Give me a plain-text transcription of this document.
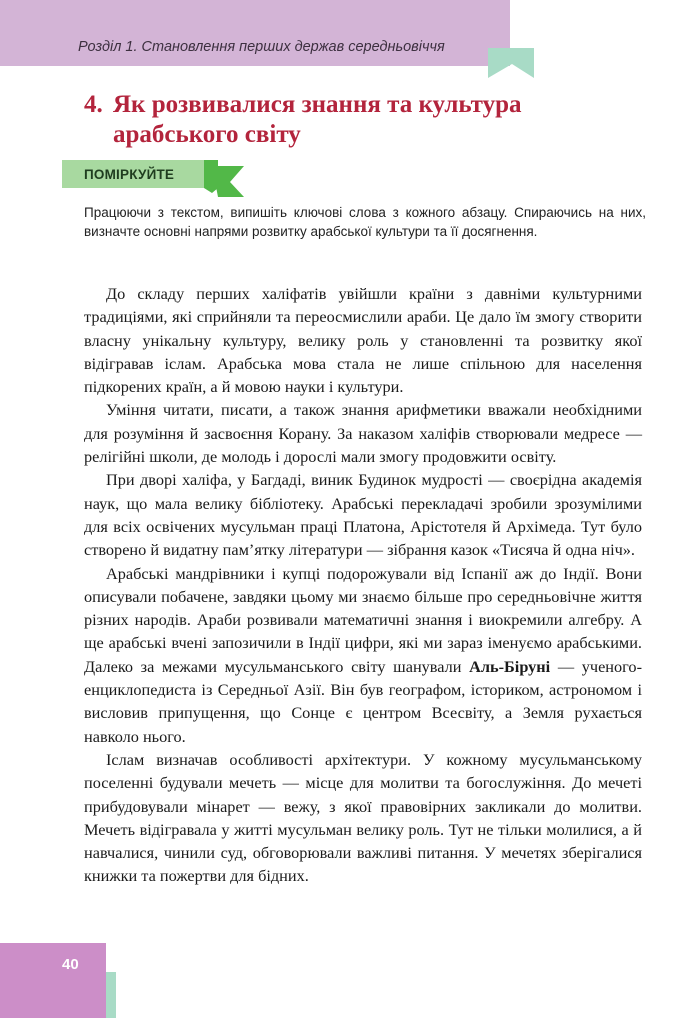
Розділ 1. Становлення перших держав середньовіччя
4. Як розвивалися знання та культура
арабського світу
ПОМІРКУЙТЕ

Працюючи з текстом, випишіть ключові слова з кожного абзацу. Спираючись на них, визначте основні напрями розвитку арабської культури та її досягнення.

До складу перших халіфатів увійшли країни з давніми культурними традиціями, які сприйняли та переосмислили араби. Це дало їм змогу створити власну унікальну культуру, велику роль у становленні та розвитку якої відігравав іслам. Арабська мова стала не лише спільною для населення підкорених країн, а й мовою науки і культури.

Уміння читати, писати, а також знання арифметики вважали необхідними для розуміння й засвоєння Корану. За наказом халіфів створювали медресе — релігійні школи, де молодь і дорослі мали змогу продовжити освіту.

При дворі халіфа, у Багдаді, виник Будинок мудрості — своєрідна академія наук, що мала велику бібліотеку. Арабські перекладачі зробили зрозумілими для всіх освічених мусульман праці Платона, Арістотеля й Архімеда. Тут було створено й видатну пам’ятку літератури — зібрання казок «Тисяча й одна ніч».

Арабські мандрівники і купці подорожували від Іспанії аж до Індії. Вони описували побачене, завдяки цьому ми знаємо більше про середньовічне життя різних народів. Араби розвивали математичні знання і виокремили алгебру. А ще арабські вчені запозичили в Індії цифри, які ми зараз іменуємо арабськими. Далеко за межами мусульманського світу шанували Аль-Біруні — ученого-енциклопедиста із Середньої Азії. Він був географом, істориком, астрономом і висловив припущення, що Сонце є центром Всесвіту, а Земля рухається навколо нього.

Іслам визначав особливості архітектури. У кожному мусульманському поселенні будували мечеть — місце для молитви та богослужіння. До мечеті прибудовували мінарет — вежу, з якої правовірних закликали до молитви. Мечеть відігравала у житті мусульман велику роль. Тут не тільки молилися, а й навчалися, чинили суд, обговорювали важливі питання. У мечетях зберігалися книжки та пожертви для бідних.

40
